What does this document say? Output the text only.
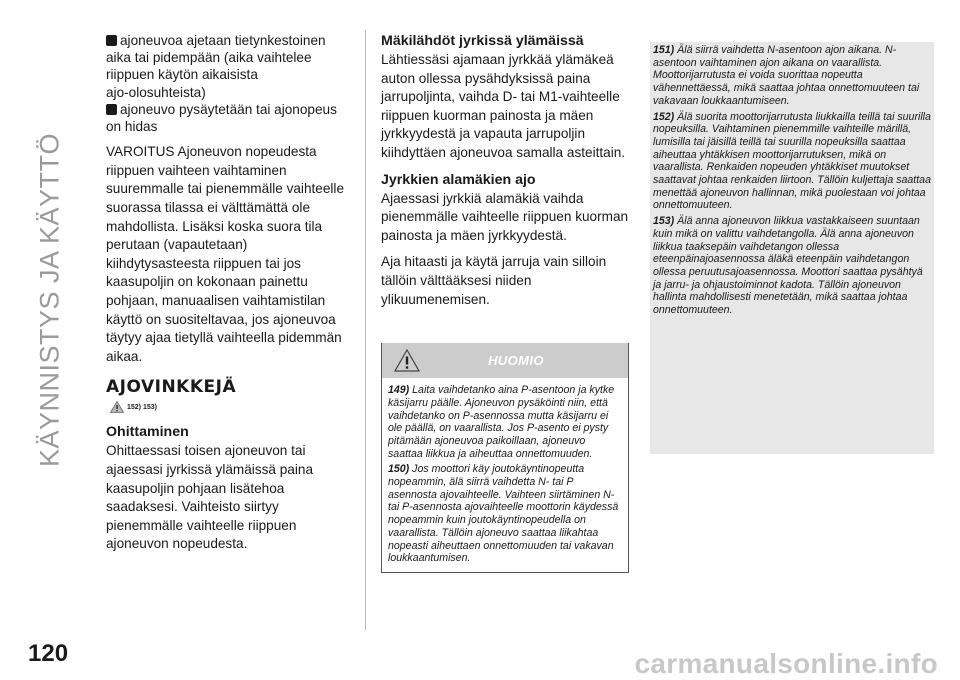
KÄYNNISTYS JA KÄYTTÖ
120	carmanualsonline.info
ajoneuvoa ajetaan tietynkestoinen
aika tai pidempään (aika vaihtelee
riippuen käytön aikaisista
ajo-olosuhteista)
ajoneuvo pysäytetään tai ajonopeus
on hidas

VAROITUS Ajoneuvon nopeudesta riippuen vaihteen vaihtaminen suuremmalle tai pienemmälle vaihteelle suorassa tilassa ei välttämättä ole mahdollista. Lisäksi koska suora tila perutaan (vapautetaan) kiihdytysasteesta riippuen tai jos kaasupoljin on kokonaan painettu pohjaan, manuaalisen vaihtamistilan käyttö on suositeltavaa, jos ajoneuvoa täytyy ajaa tietyllä vaihteella pidemmän aikaa.

AJOVINKKEJÄ
152) 153)
Ohittaminen

Ohittaessasi toisen ajoneuvon tai ajaessasi jyrkissä ylämäissä paina kaasupoljin pohjaan lisätehoa saadaksesi. Vaihteisto siirtyy pienemmälle vaihteelle riippuen ajoneuvon nopeudesta.

Mäkilähdöt jyrkissä ylämäissä

Lähtiessäsi ajamaan jyrkkää ylämäkeä auton ollessa pysähdyksissä paina jarrupoljinta, vaihda D- tai M1-vaihteelle riippuen kuorman painosta ja mäen jyrkkyydestä ja vapauta jarrupoljin kiihdyttäen ajoneuvoa samalla asteittain.

Jyrkkien alamäkien ajo

Ajaessasi jyrkkiä alamäkiä vaihda pienemmälle vaihteelle riippuen kuorman painosta ja mäen jyrkkyydestä.

Aja hitaasti ja käytä jarruja vain silloin tällöin välttääksesi niiden ylikuumenemisen.

HUOMIO
149) Laita vaihdetanko aina P-asentoon ja kytke käsijarru päälle. Ajoneuvon pysäköinti niin, että vaihdetanko on P-asennossa mutta käsijarru ei ole päällä, on vaarallista. Jos P-asento ei pysty pitämään ajoneuvoa paikoillaan, ajoneuvo saattaa liikkua ja aiheuttaa onnettomuuden.
150) Jos moottori käy joutokäyntinopeutta nopeammin, älä siirrä vaihdetta N- tai P asennosta ajovaihteelle. Vaihteen siirtäminen N- tai P-asennosta ajovaihteelle moottorin käydessä nopeammin kuin joutokäyntinopeudella on vaarallista. Tällöin ajoneuvo saattaa liikahtaa nopeasti aiheuttaen onnettomuuden tai vakavan loukkaantumisen.
151) Älä siirrä vaihdetta N-asentoon ajon aikana. N-asentoon vaihtaminen ajon aikana on vaarallista. Moottorijarrutusta ei voida suorittaa nopeutta vähennettäessä, mikä saattaa johtaa onnettomuuteen tai vakavaan loukkaantumiseen.
152) Älä suorita moottorijarrutusta liukkailla teillä tai suurilla nopeuksilla. Vaihtaminen pienemmille vaihteille märillä, lumisilla tai jäisillä teillä tai suurilla nopeuksilla saattaa aiheuttaa yhtäkkisen moottorijarrutuksen, mikä on vaarallista. Renkaiden nopeuden yhtäkkiset muutokset saattavat johtaa renkaiden liirtoon. Tällöin kuljettaja saattaa menettää ajoneuvon hallinnan, mikä puolestaan voi johtaa onnettomuuteen.
153) Älä anna ajoneuvon liikkua vastakkaiseen suuntaan kuin mikä on valittu vaihdetangolla. Älä anna ajoneuvon liikkua taaksepäin vaihdetangon ollessa eteenpäinajoasennossa äläkä eteenpäin vaihdetangon ollessa peruutusajoasennossa. Moottori saattaa pysähtyä ja jarru- ja ohjaustoiminnot kadota. Tällöin ajoneuvon hallinta mahdollisesti menetetään, mikä saattaa johtaa onnettomuuteen.
